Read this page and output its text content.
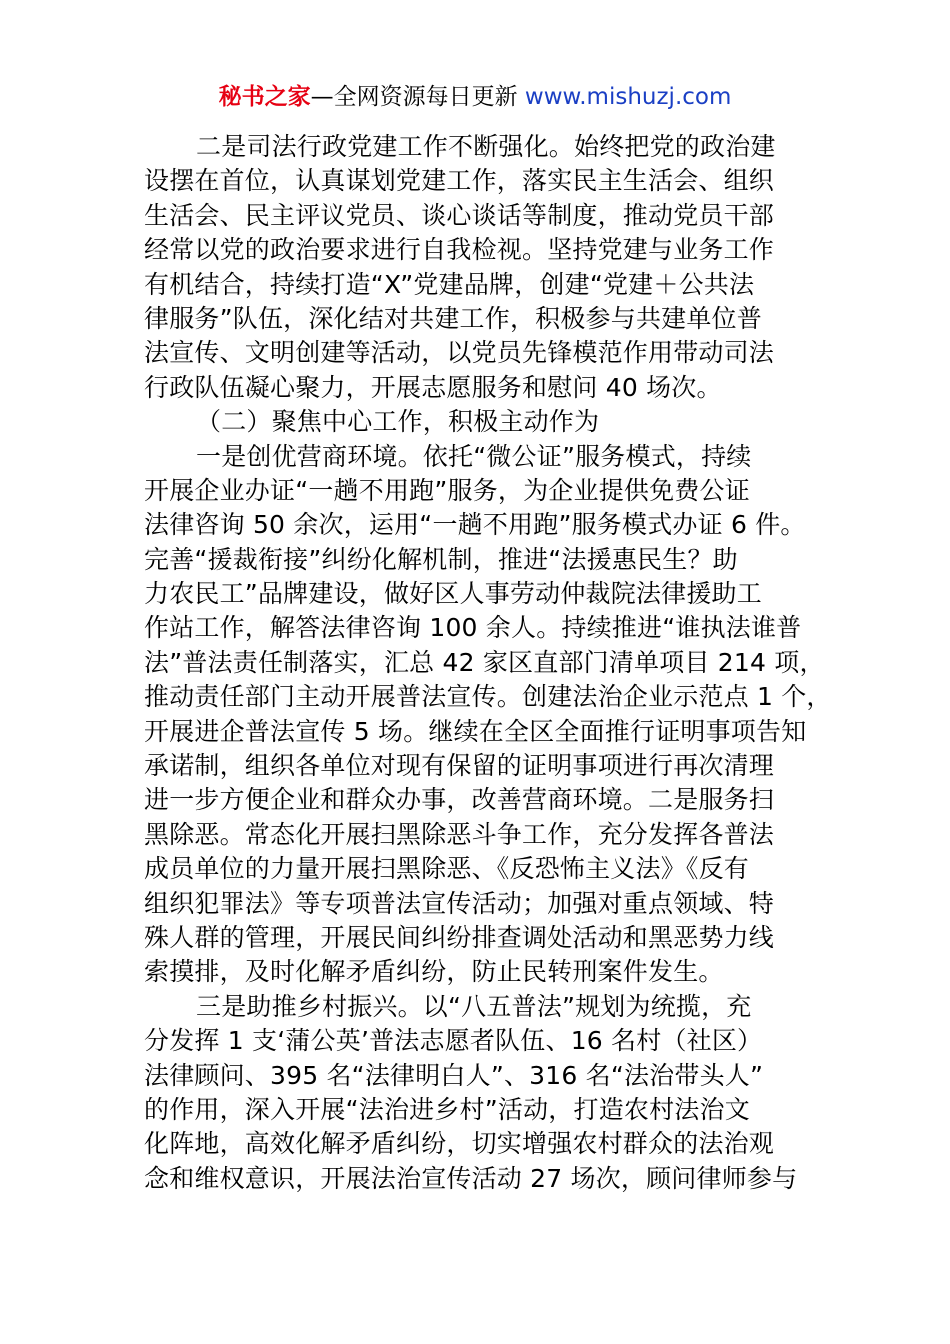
秘书之家—全网资源每日更新 www.mishuzj.com
二是司法行政党建工作不断强化。始终把党的政治建
设摆在首位，认真谋划党建工作，落实民主生活会、组织
生活会、民主评议党员、谈心谈话等制度，推动党员干部
经常以党的政治要求进行自我检视。坚持党建与业务工作
有机结合，持续打造“X”党建品牌，创建“党建＋公共法
律服务”队伍，深化结对共建工作，积极参与共建单位普
法宣传、文明创建等活动，以党员先锋模范作用带动司法
行政队伍凝心聚力，开展志愿服务和慰问 40 场次。
（二）聚焦中心工作，积极主动作为
一是创优营商环境。依托“微公证”服务模式，持续
开展企业办证“一趟不用跑”服务，为企业提供免费公证
法律咨询 50 余次，运用“一趟不用跑”服务模式办证 6 件。
完善“援裁衔接”纠纷化解机制，推进“法援惠民生？助
力农民工”品牌建设，做好区人事劳动仲裁院法律援助工
作站工作，解答法律咨询 100 余人。持续推进“谁执法谁普
法”普法责任制落实，汇总 42 家区直部门清单项目 214 项，
推动责任部门主动开展普法宣传。创建法治企业示范点 1 个，
开展进企普法宣传 5 场。继续在全区全面推行证明事项告知
承诺制，组织各单位对现有保留的证明事项进行再次清理
进一步方便企业和群众办事，改善营商环境。二是服务扫
黑除恶。常态化开展扫黑除恶斗争工作，充分发挥各普法
成员单位的力量开展扫黑除恶、《反恐怖主义法》《反有
组织犯罪法》等专项普法宣传活动；加强对重点领域、特
殊人群的管理，开展民间纠纷排查调处活动和黑恶势力线
索摸排，及时化解矛盾纠纷，防止民转刑案件发生。
三是助推乡村振兴。以“八五普法”规划为统揽，充
分发挥 1 支‘蒲公英’普法志愿者队伍、16 名村（社区）
法律顾问、395 名“法律明白人”、316 名“法治带头人”
的作用，深入开展“法治进乡村”活动，打造农村法治文
化阵地，高效化解矛盾纠纷，切实增强农村群众的法治观
念和维权意识，开展法治宣传活动 27 场次，顾问律师参与
